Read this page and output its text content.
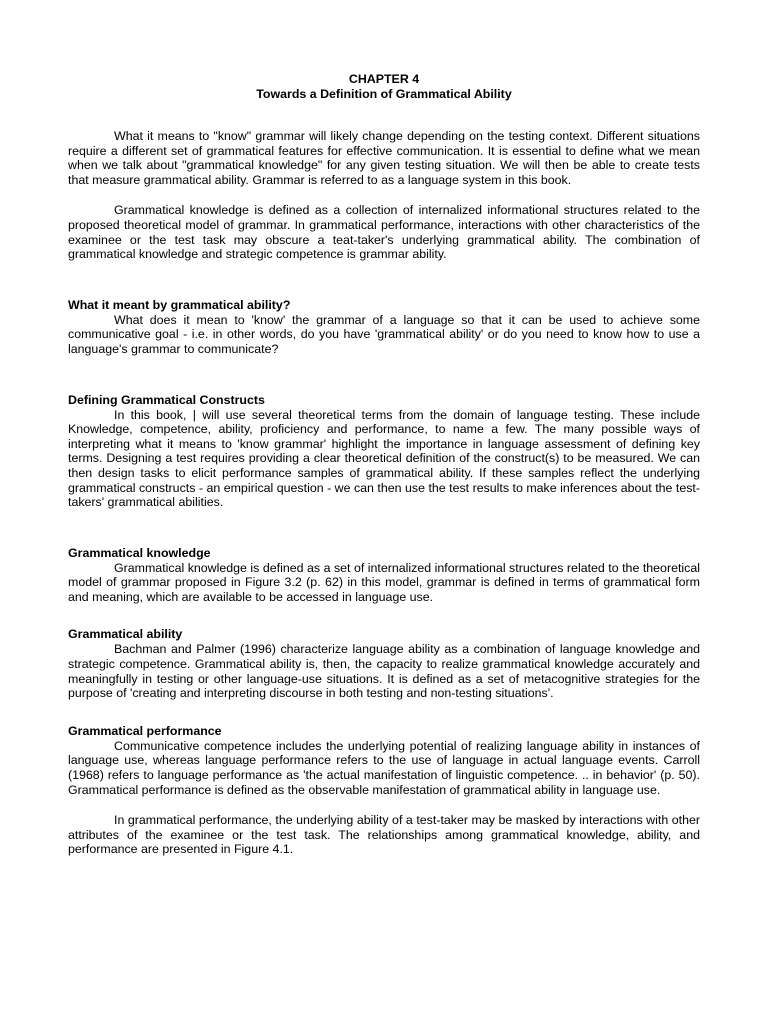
CHAPTER 4
Towards a Definition of Grammatical Ability

What it means to "know" grammar will likely change depending on the testing context. Different situations require a different set of grammatical features for effective communication. It is essential to define what we mean when we talk about "grammatical knowledge" for any given testing situation. We will then be able to create tests that measure grammatical ability. Grammar is referred to as a language system in this book.

Grammatical knowledge is defined as a collection of internalized informational structures related to the proposed theoretical model of grammar. In grammatical performance, interactions with other characteristics of the examinee or the test task may obscure a teat-taker's underlying grammatical ability. The combination of grammatical knowledge and strategic competence is grammar ability.

What it meant by grammatical ability?

What does it mean to 'know' the grammar of a language so that it can be used to achieve some communicative goal - i.e. in other words, do you have 'grammatical ability' or do you need to know how to use a language's grammar to communicate?

Defining Grammatical Constructs

In this book, | will use several theoretical terms from the domain of language testing. These include Knowledge, competence, ability, proficiency and performance, to name a few. The many possible ways of interpreting what it means to 'know grammar' highlight the importance in language assessment of defining key terms. Designing a test requires providing a clear theoretical definition of the construct(s) to be measured. We can then design tasks to elicit performance samples of grammatical ability. If these samples reflect the underlying grammatical constructs - an empirical question - we can then use the test results to make inferences about the test-takers' grammatical abilities.

Grammatical knowledge

Grammatical knowledge is defined as a set of internalized informational structures related to the theoretical model of grammar proposed in Figure 3.2 (p. 62) in this model, grammar is defined in terms of grammatical form and meaning, which are available to be accessed in language use.

Grammatical ability

Bachman and Palmer (1996) characterize language ability as a combination of language knowledge and strategic competence. Grammatical ability is, then, the capacity to realize grammatical knowledge accurately and meaningfully in testing or other language-use situations. It is defined as a set of metacognitive strategies for the purpose of 'creating and interpreting discourse in both testing and non-testing situations'.

Grammatical performance

Communicative competence includes the underlying potential of realizing language ability in instances of language use, whereas language performance refers to the use of language in actual language events. Carroll (1968) refers to language performance as 'the actual manifestation of linguistic competence. .. in behavior' (p. 50). Grammatical performance is defined as the observable manifestation of grammatical ability in language use.

In grammatical performance, the underlying ability of a test-taker may be masked by interactions with other attributes of the examinee or the test task. The relationships among grammatical knowledge, ability, and performance are presented in Figure 4.1.
